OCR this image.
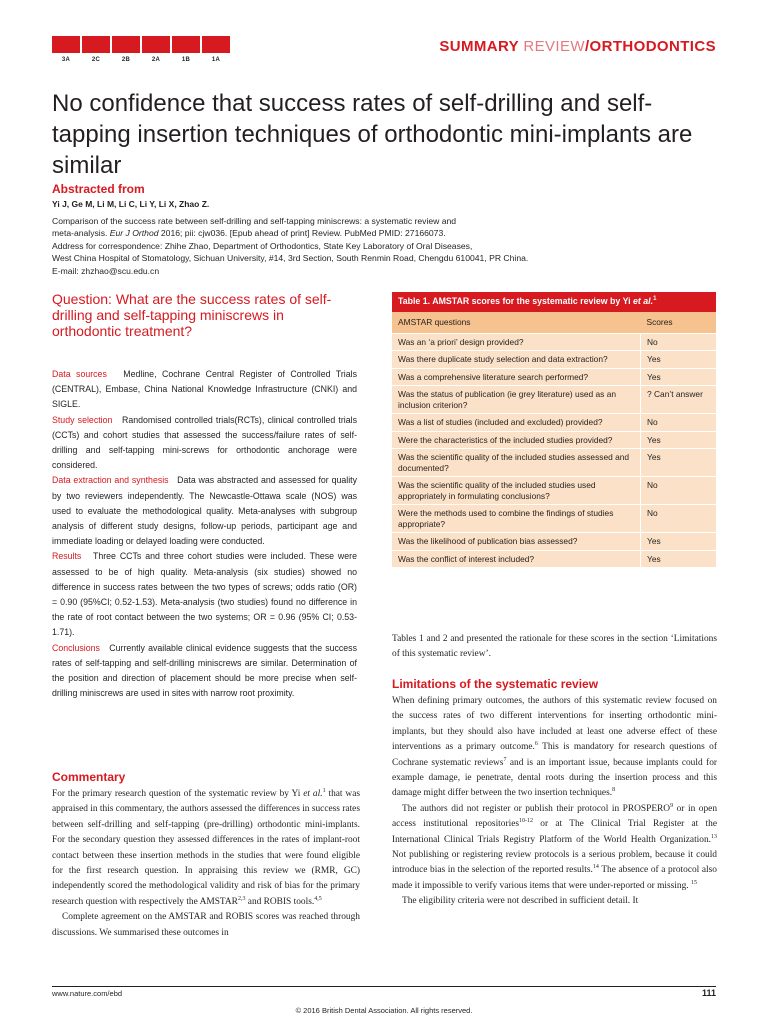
3A	2C	2B	2A	1B	1A
SUMMARY REVIEW/ORTHODONTICS
No confidence that success rates of self-drilling and self-tapping insertion techniques of orthodontic mini-implants are similar
Abstracted from
Yi J, Ge M, Li M, Li C, Li Y, Li X, Zhao Z.
Comparison of the success rate between self-drilling and self-tapping miniscrews: a systematic review and
meta-analysis. Eur J Orthod 2016; pii: cjw036. [Epub ahead of print] Review. PubMed PMID: 27166073.
Address for correspondence: Zhihe Zhao, Department of Orthodontics, State Key Laboratory of Oral Diseases,
West China Hospital of Stomatology, Sichuan University, #14, 3rd Section, South Renmin Road, Chengdu 610041, PR China.
E-mail: zhzhao@scu.edu.cn
Question: What are the success rates of self-drilling and self-tapping miniscrews in orthodontic treatment?

Data sources Medline, Cochrane Central Register of Controlled Trials (CENTRAL), Embase, China National Knowledge Infrastructure (CNKI) and SIGLE.

Study selection Randomised controlled trials(RCTs), clinical controlled trials (CCTs) and cohort studies that assessed the success/failure rates of self-drilling and self-tapping mini-screws for orthodontic anchorage were considered.

Data extraction and synthesis Data was abstracted and assessed for quality by two reviewers independently. The Newcastle-Ottawa scale (NOS) was used to evaluate the methodological quality. Meta-analyses with subgroup analysis of different study designs, follow-up periods, participant age and immediate loading or delayed loading were conducted.

Results Three CCTs and three cohort studies were included. These were assessed to be of high quality. Meta-analysis (six studies) showed no difference in success rates between the two types of screws; odds ratio (OR) = 0.90 (95%CI; 0.52-1.53). Meta-analysis (two studies) found no difference in the rate of root contact between the two systems; OR = 0.96 (95% CI; 0.53-1.71).

Conclusions Currently available clinical evidence suggests that the success rates of self-tapping and self-drilling miniscrews are similar. Determination of the position and direction of placement should be more precise when self-drilling miniscrews are used in sites with narrow root proximity.

Commentary

For the primary research question of the systematic review by Yi et al.$^1$ that was appraised in this commentary, the authors assessed the differences in success rates between self-drilling and self-tapping (pre-drilling) orthodontic mini-implants. For the secondary question they assessed differences in the rates of implant-root contact between these insertion methods in the studies that were found eligible for the first research question. In appraising this review we (RMR, GC) independently scored the methodological validity and risk of bias for the primary research question with respectively the AMSTAR$^{2,3}$ and ROBIS tools.$^{4,5}$

Complete agreement on the AMSTAR and ROBIS scores was reached through discussions. We summarised these outcomes in

Table 1. AMSTAR scores for the systematic review by Yi et al.$^1$
AMSTAR questions	Scores
Was an ‘a priori’ design provided?	No
Was there duplicate study selection and data extraction?	Yes
Was a comprehensive literature search performed?	Yes
Was the status of publication (ie grey literature) used as an inclusion criterion?	? Can’t answer
Was a list of studies (included and excluded) provided?	No
Were the characteristics of the included studies provided?	Yes
Was the scientific quality of the included studies assessed and documented?	Yes
Was the scientific quality of the included studies used appropriately in formulating conclusions?	No
Were the methods used to combine the findings of studies appropriate?	No
Was the likelihood of publication bias assessed?	Yes
Was the conflict of interest included?	Yes
Tables 1 and 2 and presented the rationale for these scores in the section ‘Limitations of this systematic review’.
Limitations of the systematic review

When defining primary outcomes, the authors of this systematic review focused on the success rates of two different interventions for inserting orthodontic mini-implants, but they should also have included at least one adverse effect of these interventions as a primary outcome.$^6$ This is mandatory for research questions of Cochrane systematic reviews$^7$ and is an important issue, because implants could for example damage, ie penetrate, dental roots during the insertion process and this damage might differ between the two insertion techniques.$^8$

The authors did not register or publish their protocol in PROSPERO$^9$ or in open access institutional repositories$^{10-12}$ or at The Clinical Trial Register at the International Clinical Trials Registry Platform of the World Health Organization.$^{13}$ Not publishing or registering review protocols is a serious problem, because it could introduce bias in the selection of the reported results.$^{14}$ The absence of a protocol also made it impossible to verify various items that were under-reported or missing. $^{15}$

The eligibility criteria were not described in sufficient detail. It

www.nature.com/ebd	111
© 2016 British Dental Association. All rights reserved.
